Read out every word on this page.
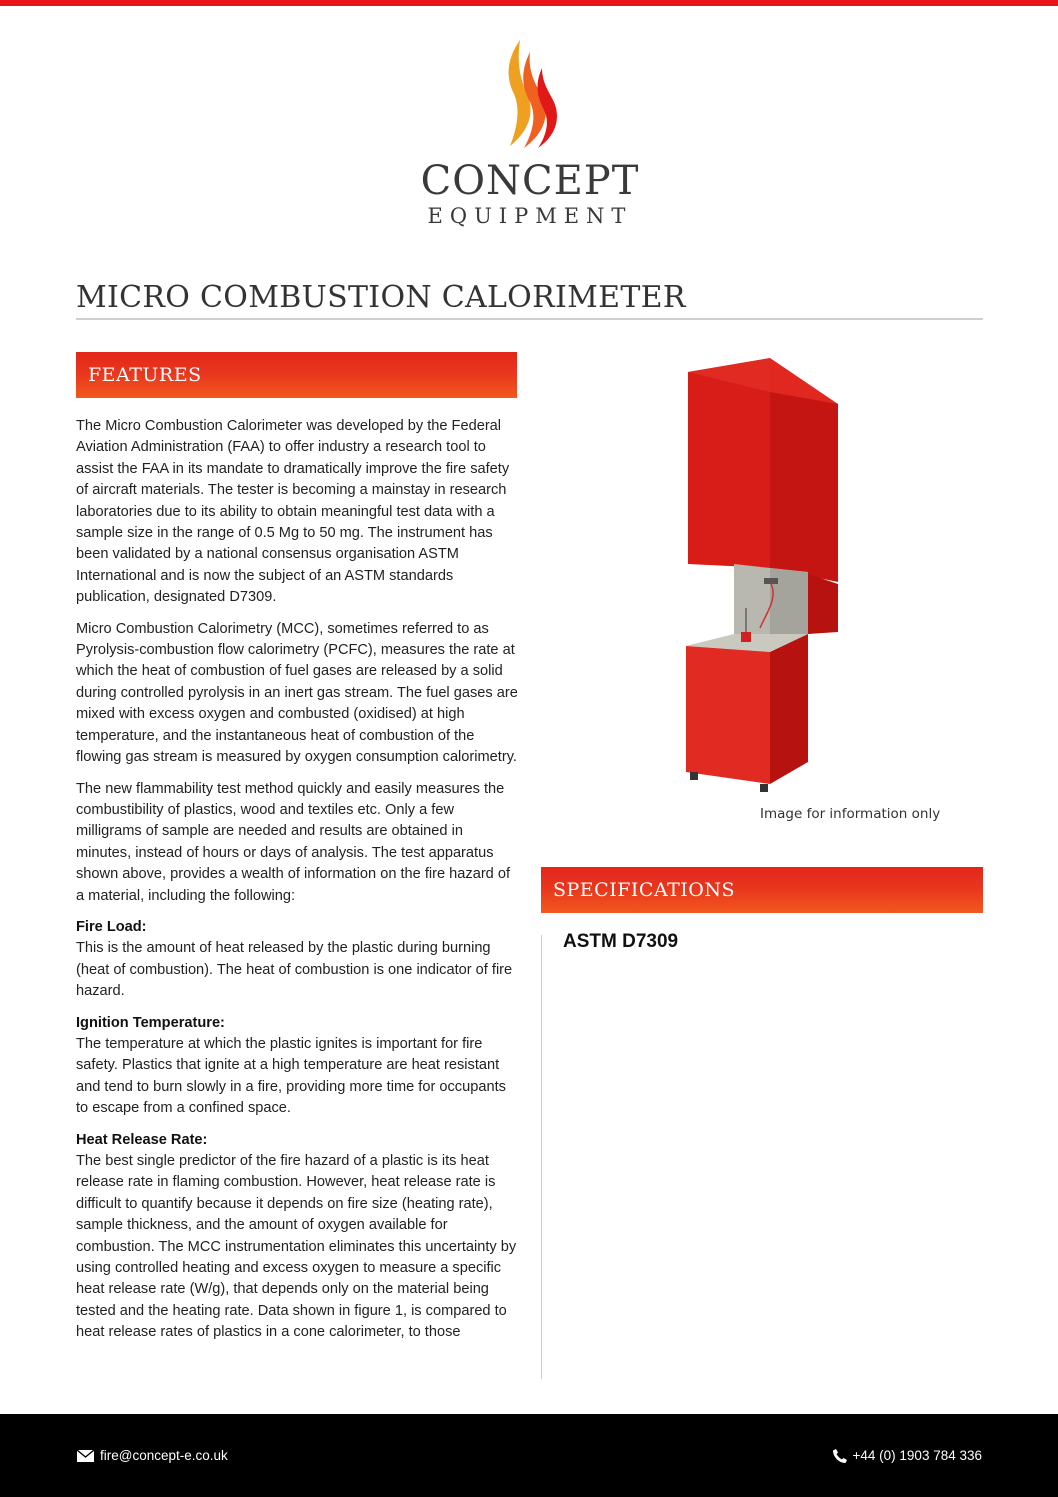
CONCEPT
EQUIPMENT
MICRO COMBUSTION CALORIMETER
FEATURES

The Micro Combustion Calorimeter was developed by the Federal Aviation Administration (FAA) to offer industry a research tool to assist the FAA in its mandate to dramatically improve the fire safety of aircraft materials. The tester is becoming a mainstay in research laboratories due to its ability to obtain meaningful test data with a sample size in the range of 0.5 Mg to 50 mg. The instrument has been validated by a national consensus organisation ASTM International and is now the subject of an ASTM standards publication, designated D7309.

Micro Combustion Calorimetry (MCC), sometimes referred to as Pyrolysis-combustion flow calorimetry (PCFC), measures the rate at which the heat of combustion of fuel gases are released by a solid during controlled pyrolysis in an inert gas stream. The fuel gases are mixed with excess oxygen and combusted (oxidised) at high temperature, and the instantaneous heat of combustion of the flowing gas stream is measured by oxygen consumption calorimetry.

The new flammability test method quickly and easily measures the combustibility of plastics, wood and textiles etc. Only a few milligrams of sample are needed and results are obtained in minutes, instead of hours or days of analysis. The test apparatus shown above, provides a wealth of information on the fire hazard of a material, including the following:

Fire Load:
This is the amount of heat released by the plastic during burning (heat of combustion). The heat of combustion is one indicator of fire hazard.
Ignition Temperature:
The temperature at which the plastic ignites is important for fire safety. Plastics that ignite at a high temperature are heat resistant and tend to burn slowly in a fire, providing more time for occupants to escape from a confined space.
Heat Release Rate:
The best single predictor of the fire hazard of a plastic is its heat release rate in flaming combustion. However, heat release rate is difficult to quantify because it depends on fire size (heating rate), sample thickness, and the amount of oxygen available for combustion. The MCC instrumentation eliminates this uncertainty by using controlled heating and excess oxygen to measure a specific heat release rate (W/g), that depends only on the material being tested and the heating rate. Data shown in figure 1, is compared to heat release rates of plastics in a cone calorimeter, to those
Image for information only
SPECIFICATIONS
ASTM D7309
fire@concept-e.co.uk	+44 (0) 1903 784 336
